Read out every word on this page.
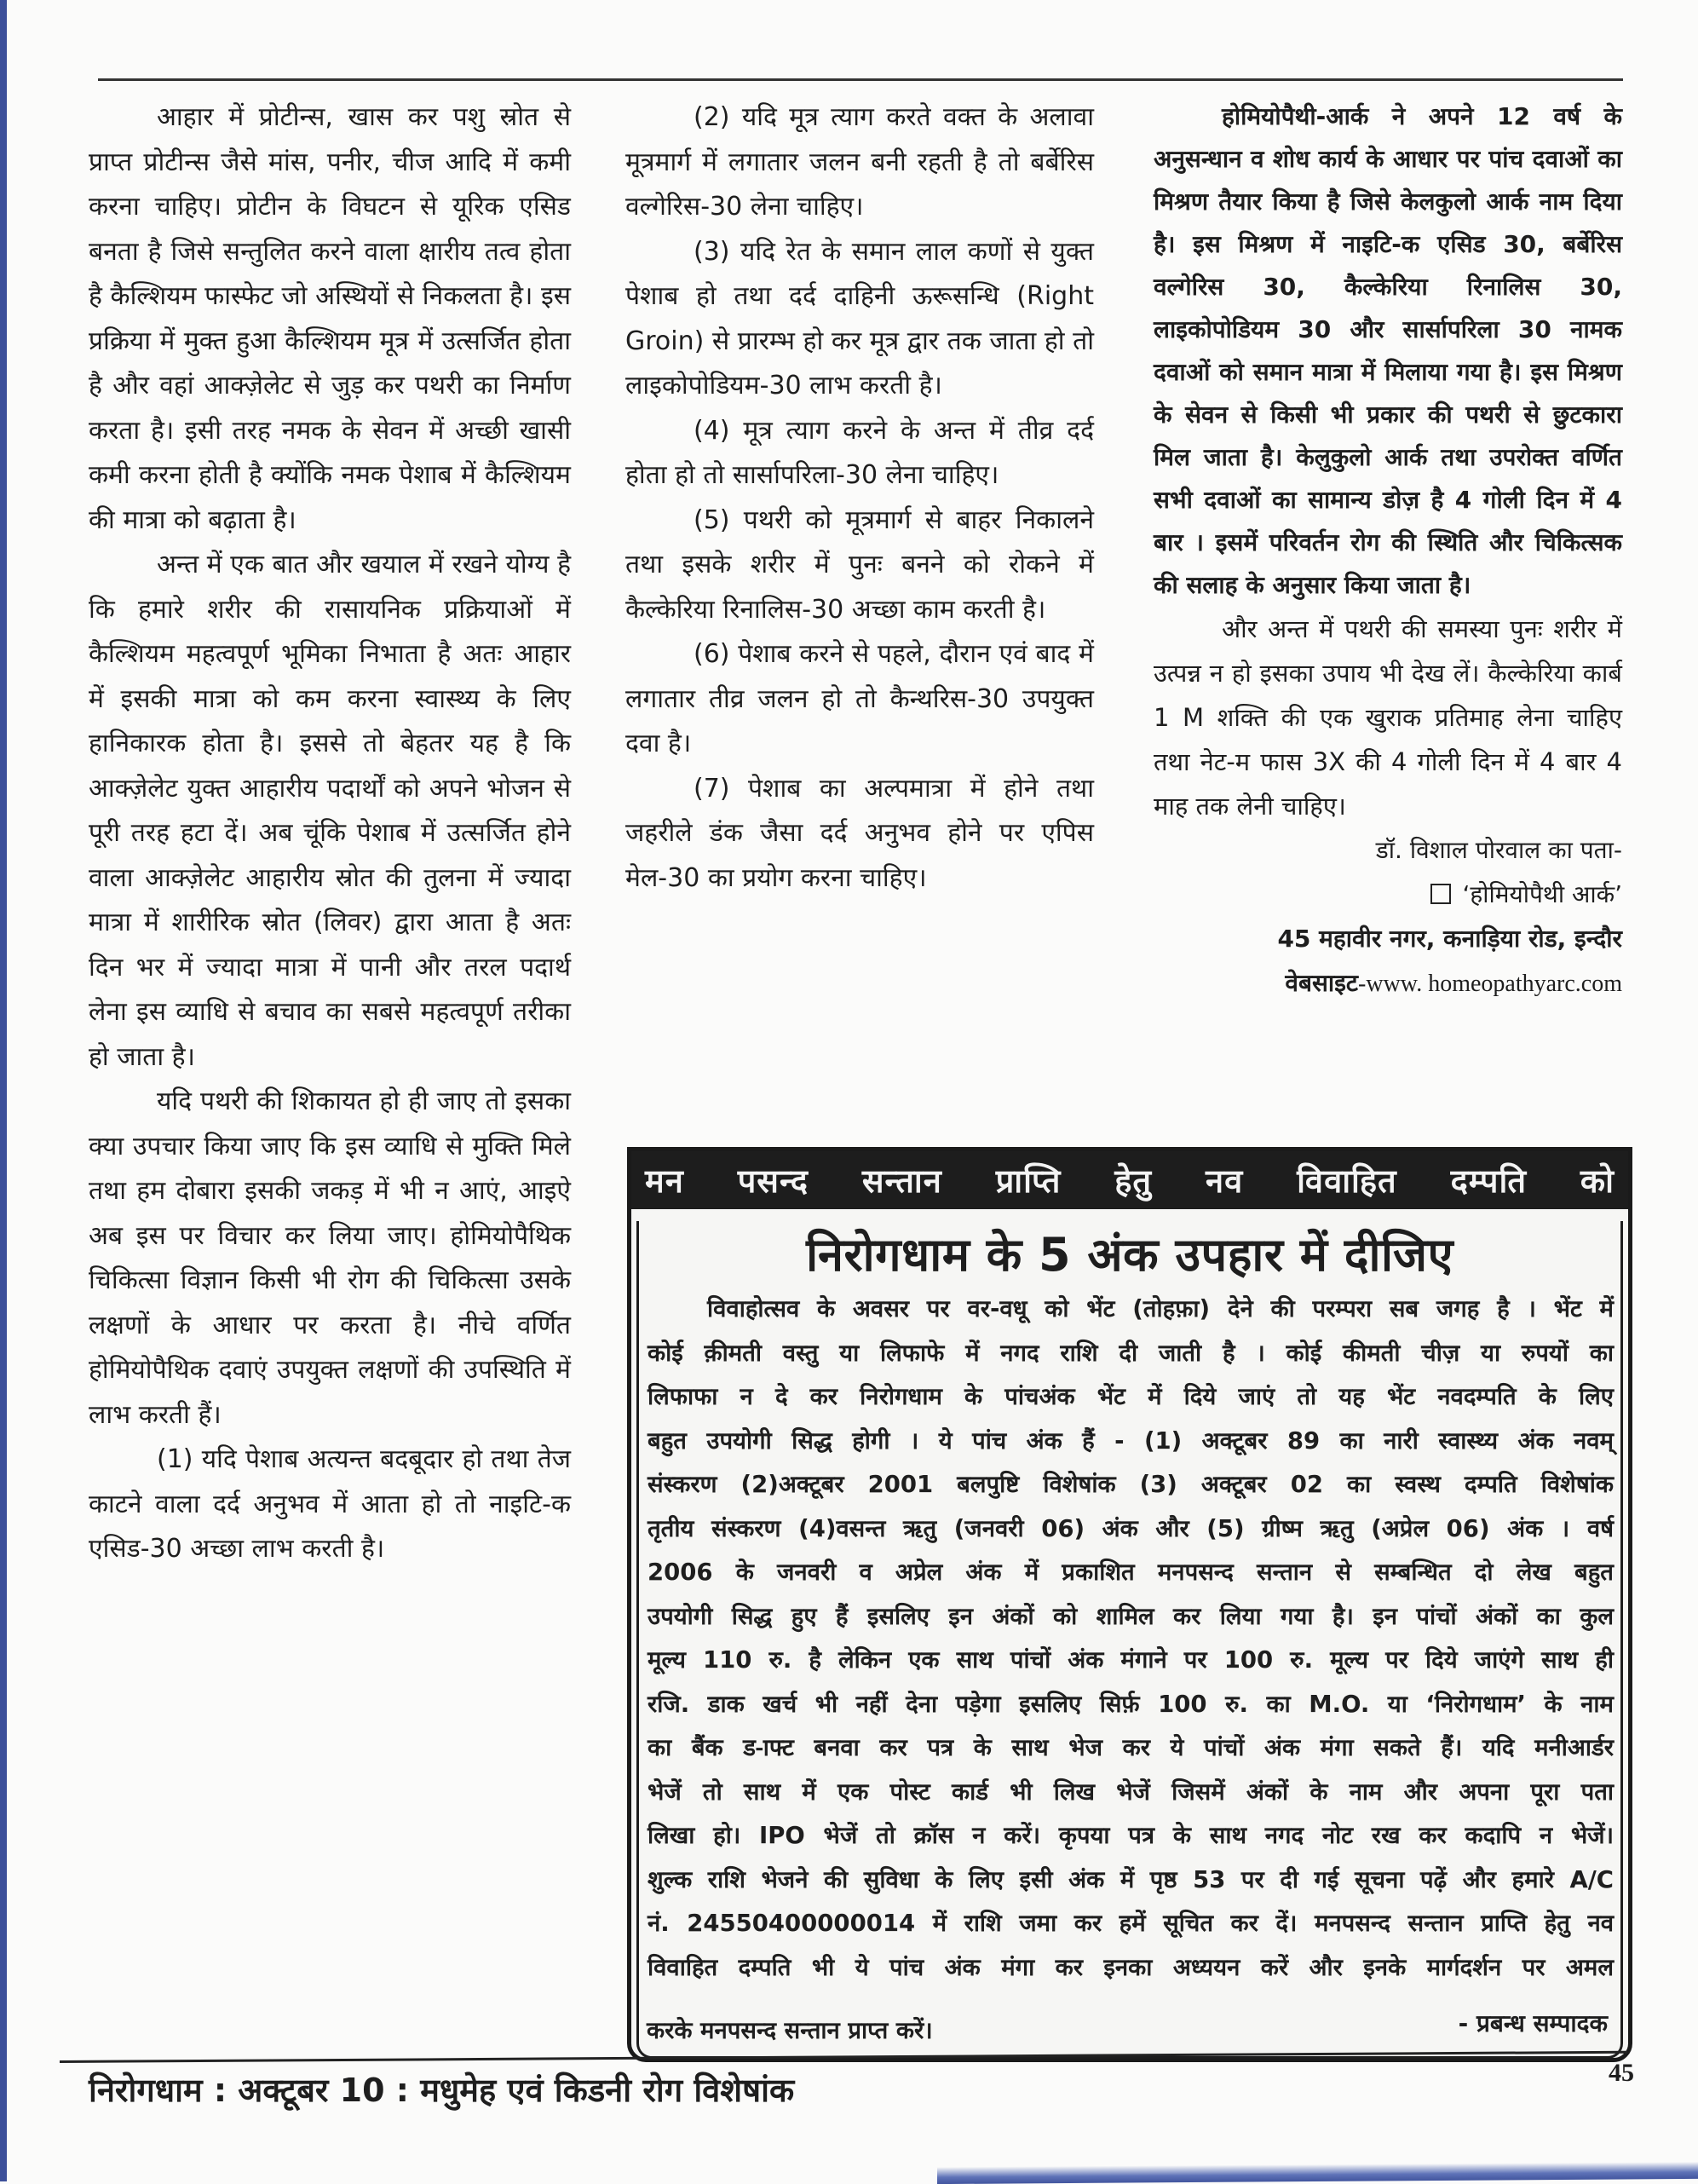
आहार में प्रोटीन्स, खास कर पशु स्रोत से प्राप्त प्रोटीन्स जैसे मांस, पनीर, चीज आदि में कमी करना चाहिए। प्रोटीन के विघटन से यूरिक एसिड बनता है जिसे सन्तुलित करने वाला क्षारीय तत्व होता है कैल्शियम फास्फेट जो अस्थियों से निकलता है। इस प्रक्रिया में मुक्त हुआ कैल्शियम मूत्र में उत्सर्जित होता है और वहां आक्ज़ेलेट से जुड़ कर पथरी का निर्माण करता है। इसी तरह नमक के सेवन में अच्छी खासी कमी करना होती है क्योंकि नमक पेशाब में कैल्शियम की मात्रा को बढ़ाता है।

अन्त में एक बात और खयाल में रखने योग्य है कि हमारे शरीर की रासायनिक प्रक्रियाओं में कैल्शियम महत्वपूर्ण भूमिका निभाता है अतः आहार में इसकी मात्रा को कम करना स्वास्थ्य के लिए हानिकारक होता है। इससे तो बेहतर यह है कि आक्ज़ेलेट युक्त आहारीय पदार्थों को अपने भोजन से पूरी तरह हटा दें। अब चूंकि पेशाब में उत्सर्जित होने वाला आक्ज़ेलेट आहारीय स्रोत की तुलना में ज्यादा मात्रा में शारीरिक स्रोत (लिवर) द्वारा आता है अतः दिन भर में ज्यादा मात्रा में पानी और तरल पदार्थ लेना इस व्याधि से बचाव का सबसे महत्वपूर्ण तरीका हो जाता है।

यदि पथरी की शिकायत हो ही जाए तो इसका क्या उपचार किया जाए कि इस व्याधि से मुक्ति मिले तथा हम दोबारा इसकी जकड़ में भी न आएं, आइऐ अब इस पर विचार कर लिया जाए। होमियोपैथिक चिकित्सा विज्ञान किसी भी रोग की चिकित्सा उसके लक्षणों के आधार पर करता है। नीचे वर्णित होमियोपैथिक दवाएं उपयुक्त लक्षणों की उपस्थिति में लाभ करती हैं।

(1) यदि पेशाब अत्यन्त बदबूदार हो तथा तेज काटने वाला दर्द अनुभव में आता हो तो नाइटि-क एसिड-30 अच्छा लाभ करती है।

(2) यदि मूत्र त्याग करते वक्त के अलावा मूत्रमार्ग में लगातार जलन बनी रहती है तो बर्बेरिस वल्गेरिस-30 लेना चाहिए।

(3) यदि रेत के समान लाल कणों से युक्त पेशाब हो तथा दर्द दाहिनी ऊरूसन्धि (Right Groin) से प्रारम्भ हो कर मूत्र द्वार तक जाता हो तो लाइकोपोडियम-30 लाभ करती है।

(4) मूत्र त्याग करने के अन्त में तीव्र दर्द होता हो तो सार्सापरिला-30 लेना चाहिए।

(5) पथरी को मूत्रमार्ग से बाहर निकालने तथा इसके शरीर में पुनः बनने को रोकने में कैल्केरिया रिनालिस-30 अच्छा काम करती है।

(6) पेशाब करने से पहले, दौरान एवं बाद में लगातार तीव्र जलन हो तो कैन्थरिस-30 उपयुक्त दवा है।

(7) पेशाब का अल्पमात्रा में होने तथा जहरीले डंक जैसा दर्द अनुभव होने पर एपिस मेल-30 का प्रयोग करना चाहिए।

होमियोपैथी-आर्क ने अपने 12 वर्ष के अनुसन्धान व शोध कार्य के आधार पर पांच दवाओं का मिश्रण तैयार किया है जिसे केलकुलो आर्क नाम दिया है। इस मिश्रण में नाइटि-क एसिड 30, बर्बेरिस वल्गेरिस 30, कैल्केरिया रिनालिस 30, लाइकोपोडियम 30 और सार्सापरिला 30 नामक दवाओं को समान मात्रा में मिलाया गया है। इस मिश्रण के सेवन से किसी भी प्रकार की पथरी से छुटकारा मिल जाता है। केलुकुलो आर्क तथा उपरोक्त वर्णित सभी दवाओं का सामान्य डोज़ है 4 गोली दिन में 4 बार । इसमें परिवर्तन रोग की स्थिति और चिकित्सक की सलाह के अनुसार किया जाता है।

और अन्त में पथरी की समस्या पुनः शरीर में उत्पन्न न हो इसका उपाय भी देख लें। कैल्केरिया कार्ब 1 M शक्ति की एक खुराक प्रतिमाह लेना चाहिए तथा नेट-म फास 3X की 4 गोली दिन में 4 बार 4 माह तक लेनी चाहिए।

डॉ. विशाल पोरवाल का पता-
‘होमियोपैथी आर्क’
45 महावीर नगर, कनाड़िया रोड, इन्दौर
वेबसाइट-www. homeopathyarc.com
मन पसन्द सन्तान प्राप्ति हेतु नव विवाहित दम्पति को
निरोगधाम के 5 अंक उपहार में दीजिए
विवाहोत्सव के अवसर पर वर-वधू को भेंट (तोहफ़ा) देने की परम्परा सब जगह है । भेंट में
कोई क़ीमती वस्तु या लिफाफे में नगद राशि दी जाती है । कोई कीमती चीज़ या रुपयों का
लिफाफा न दे कर निरोगधाम के पांचअंक भेंट में दिये जाएं तो यह भेंट नवदम्पति के लिए
बहुत उपयोगी सिद्ध होगी । ये पांच अंक हैं - (1) अक्टूबर 89 का नारी स्वास्थ्य अंक नवम्
संस्करण (2)अक्टूबर 2001 बलपुष्टि विशेषांक (3) अक्टूबर 02 का स्वस्थ दम्पति विशेषांक
तृतीय संस्करण (4)वसन्त ऋतु (जनवरी 06) अंक और (5) ग्रीष्म ऋतु (अप्रेल 06) अंक । वर्ष
2006 के जनवरी व अप्रेल अंक में प्रकाशित मनपसन्द सन्तान से सम्बन्धित दो लेख बहुत
उपयोगी सिद्ध हुए हैं इसलिए इन अंकों को शामिल कर लिया गया है। इन पांचों अंकों का कुल
मूल्य 110 रु. है लेकिन एक साथ पांचों अंक मंगाने पर 100 रु. मूल्य पर दिये जाएंगे साथ ही
रजि. डाक खर्च भी नहीं देना पड़ेगा इसलिए सिर्फ़ 100 रु. का M.O. या ‘निरोगधाम’ के नाम
का बैंक ड-ाफ्ट बनवा कर पत्र के साथ भेज कर ये पांचों अंक मंगा सकते हैं। यदि मनीआर्डर
भेजें तो साथ में एक पोस्ट कार्ड भी लिख भेजें जिसमें अंकों के नाम और अपना पूरा पता
लिखा हो। IPO भेजें तो क्रॉस न करें। कृपया पत्र के साथ नगद नोट रख कर कदापि न भेजें।
शुल्क राशि भेजने की सुविधा के लिए इसी अंक में पृष्ठ 53 पर दी गई सूचना पढ़ें और हमारे A/C
नं. 24550400000014 में राशि जमा कर हमें सूचित कर दें। मनपसन्द सन्तान प्राप्ति हेतु नव
विवाहित दम्पति भी ये पांच अंक मंगा कर इनका अध्ययन करें और इनके मार्गदर्शन पर अमल
करके मनपसन्द सन्तान प्राप्त करें।	- प्रबन्ध सम्पादक
निरोगधाम : अक्टूबर 10 : मधुमेह एवं किडनी रोग विशेषांक	45
